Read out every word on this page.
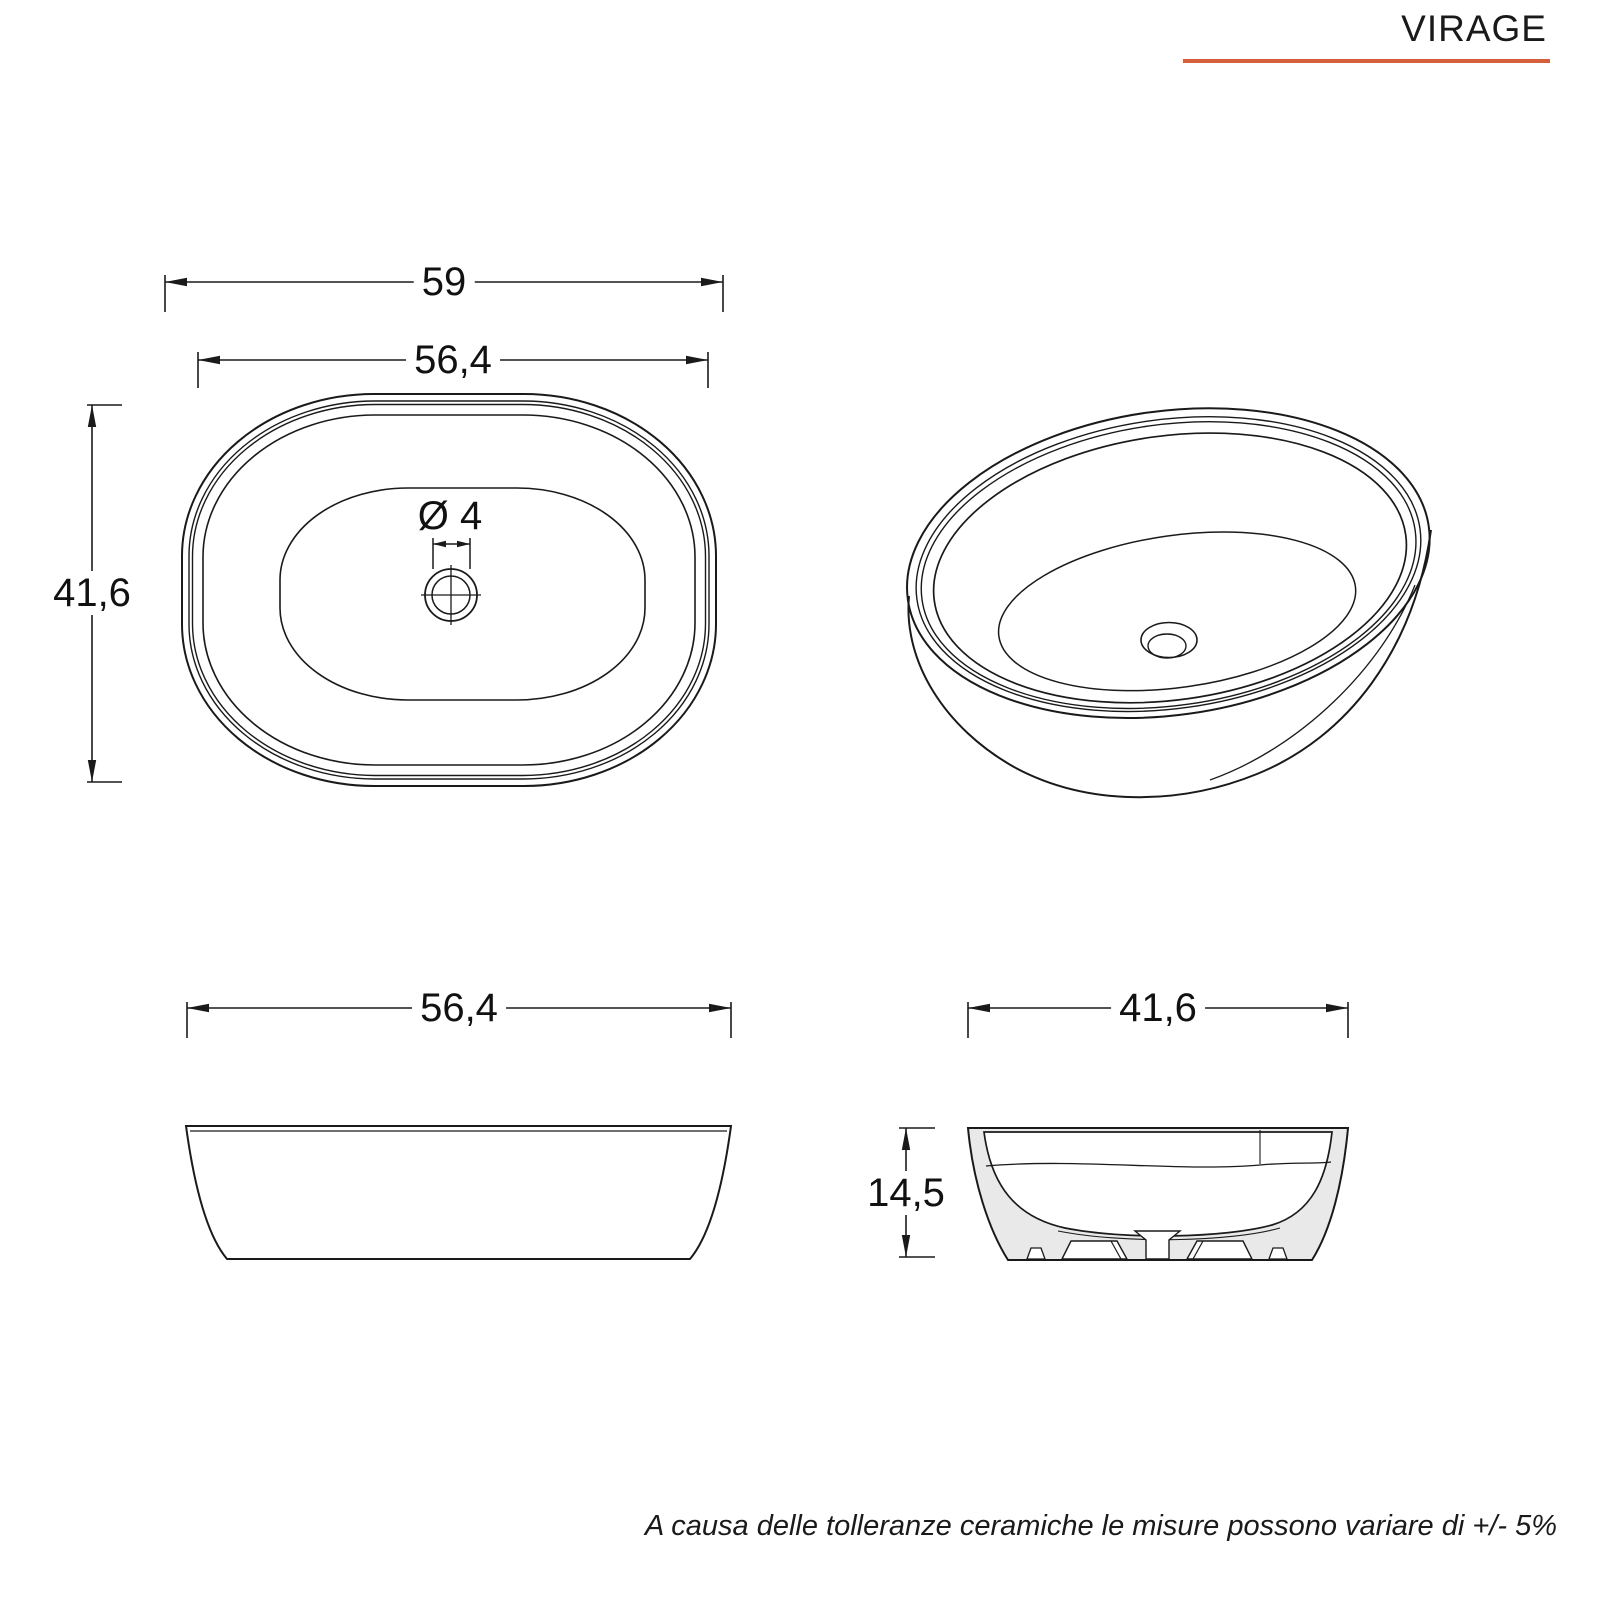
VIRAGE
59
56,4
41,6
Ø 4
56,4	41,6
14,5
A causa delle tolleranze ceramiche le misure possono variare di +/- 5%
